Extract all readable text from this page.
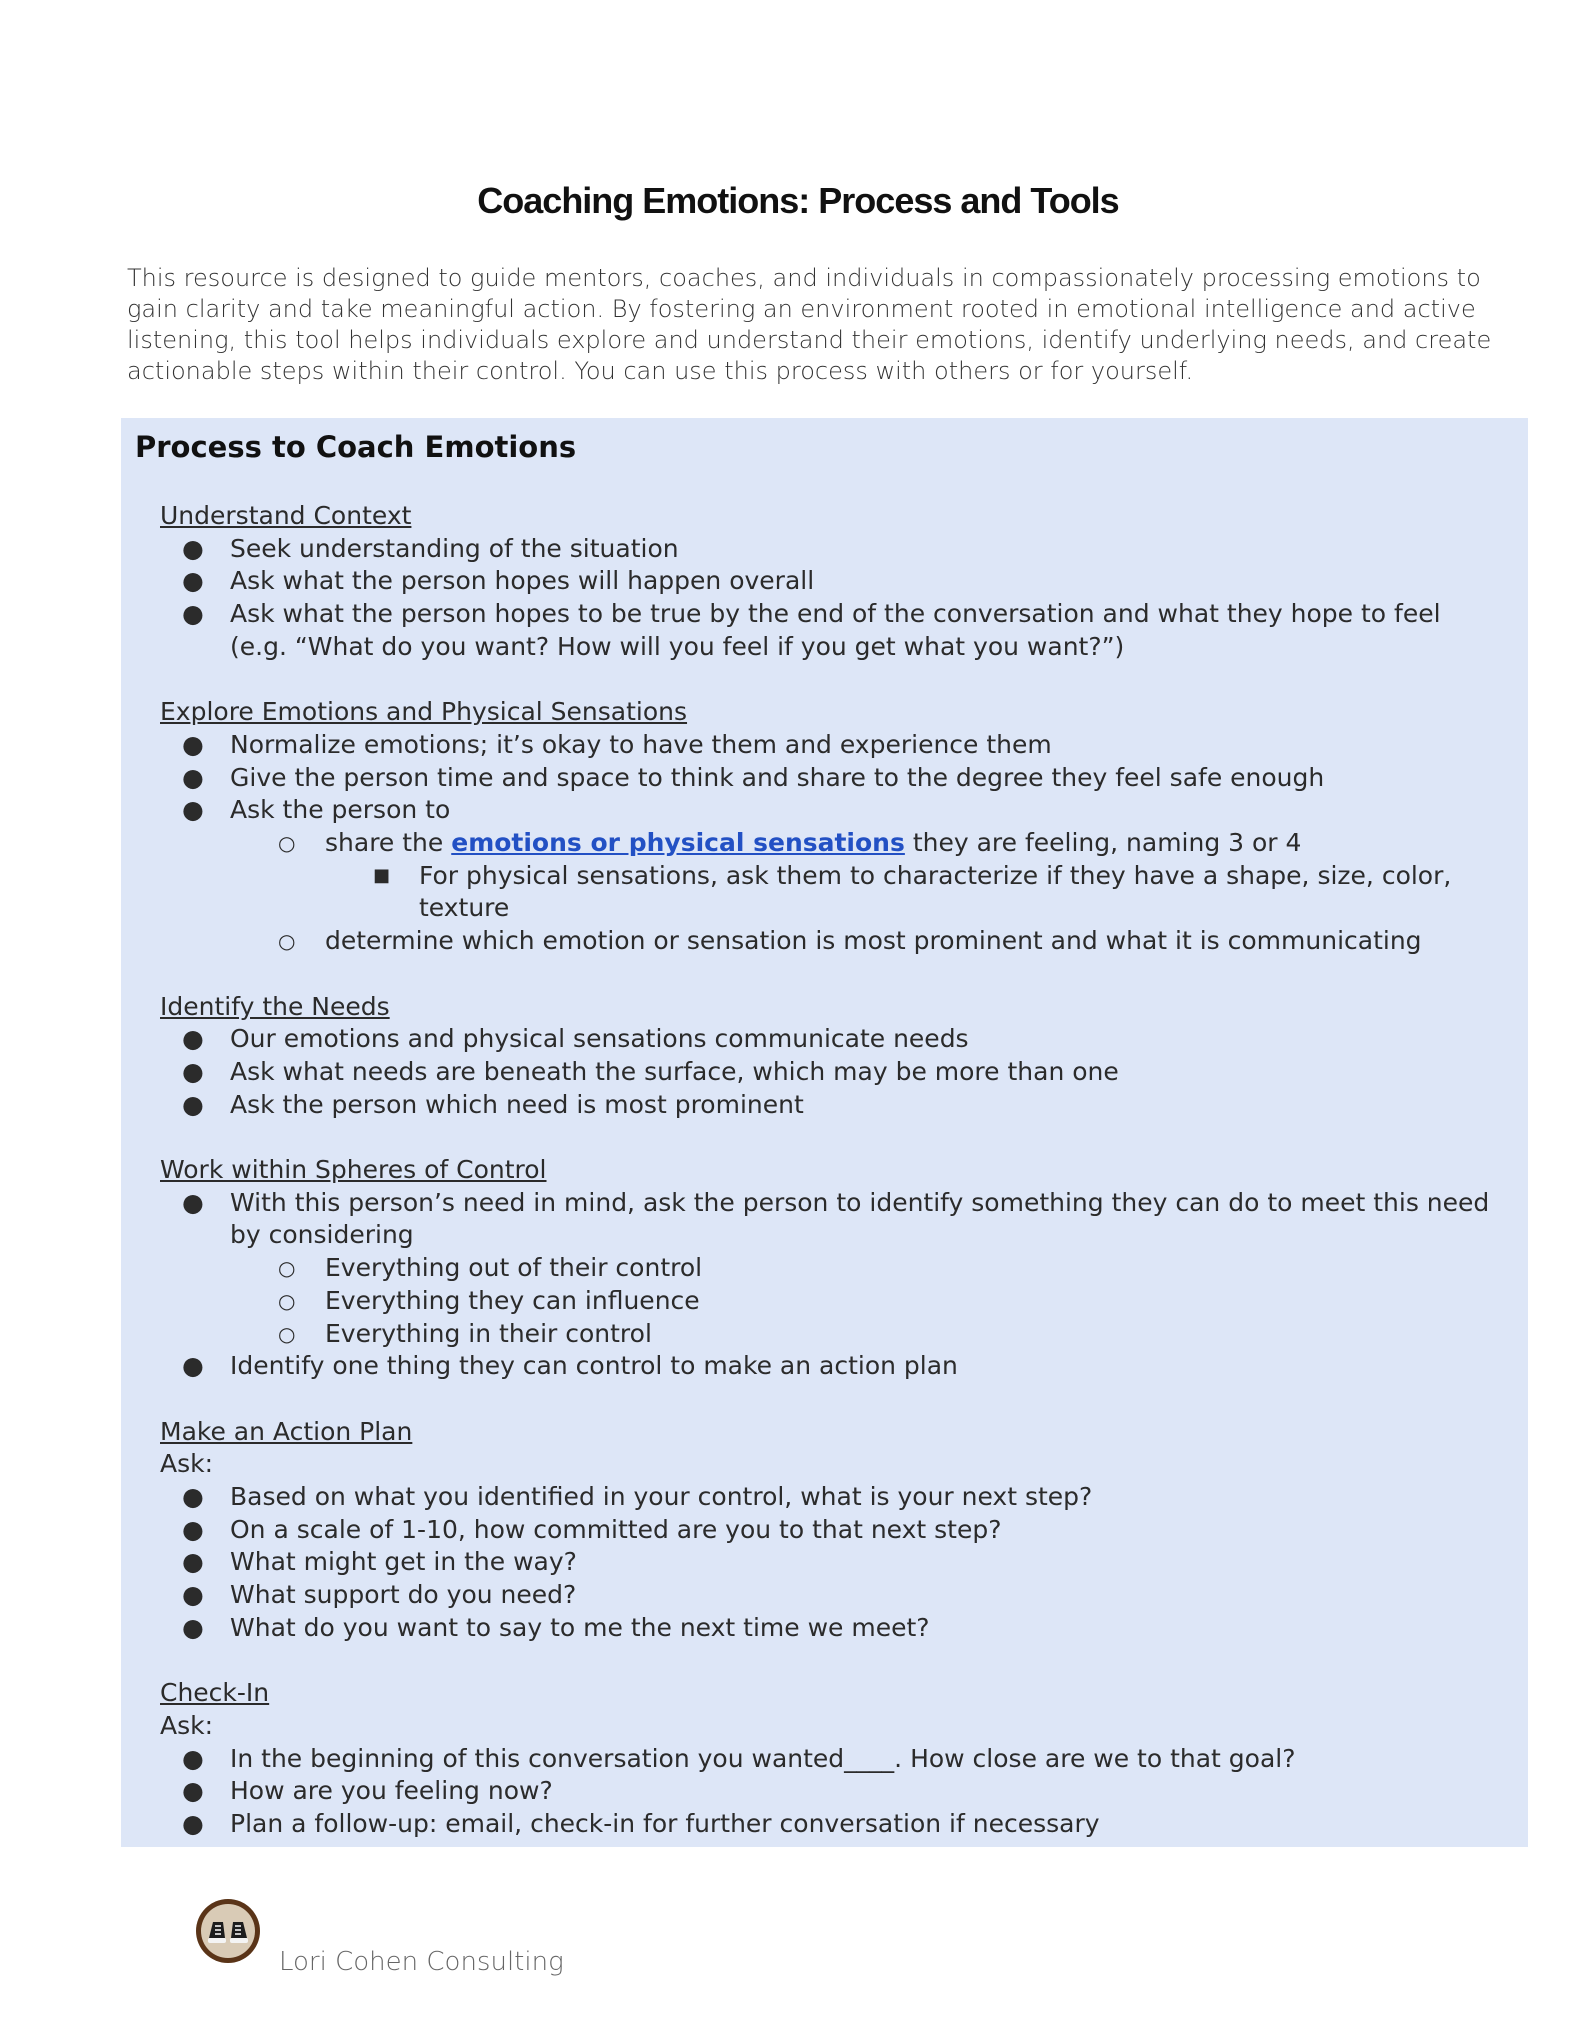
Coaching Emotions: Process and Tools

This resource is designed to guide mentors, coaches, and individuals in compassionately processing emotions to gain clarity and take meaningful action. By fostering an environment rooted in emotional intelligence and active listening, this tool helps individuals explore and understand their emotions, identify underlying needs, and create actionable steps within their control. You can use this process with others or for yourself.

Process to Coach Emotions

Understand Context

● Seek understanding of the situation
● Ask what the person hopes will happen overall
● Ask what the person hopes to be true by the end of the conversation and what they hope to feel (e.g. “What do you want? How will you feel if you get what you want?”)

Explore Emotions and Physical Sensations

● Normalize emotions; it’s okay to have them and experience them
● Give the person time and space to think and share to the degree they feel safe enough
● Ask the person to
○ share the emotions or physical sensations they are feeling, naming 3 or 4
■ For physical sensations, ask them to characterize if they have a shape, size, color, texture
○ determine which emotion or sensation is most prominent and what it is communicating

Identify the Needs

● Our emotions and physical sensations communicate needs
● Ask what needs are beneath the surface, which may be more than one
● Ask the person which need is most prominent

Work within Spheres of Control

● With this person’s need in mind, ask the person to identify something they can do to meet this need by considering
○ Everything out of their control
○ Everything they can influence
○ Everything in their control
● Identify one thing they can control to make an action plan

Make an Action Plan

Ask:

● Based on what you identified in your control, what is your next step?
● On a scale of 1-10, how committed are you to that next step?
● What might get in the way?
● What support do you need?
● What do you want to say to me the next time we meet?

Check-In

Ask:

● In the beginning of this conversation you wanted____. How close are we to that goal?
● How are you feeling now?
● Plan a follow-up: email, check-in for further conversation if necessary

Lori Cohen Consulting
